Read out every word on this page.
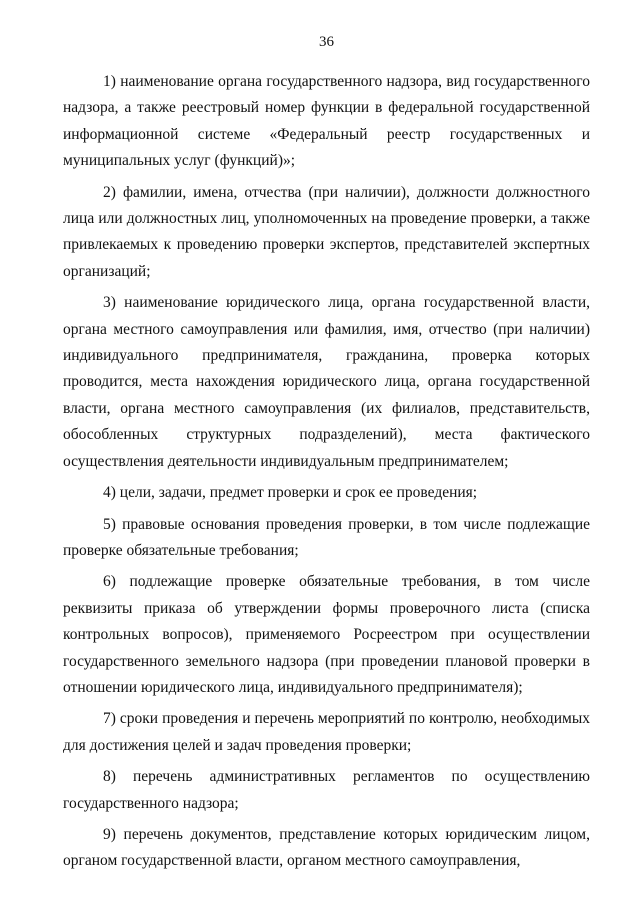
36

1) наименование органа государственного надзора, вид государственного надзора, а также реестровый номер функции в федеральной государственной информационной системе «Федеральный реестр государственных и муниципальных услуг (функций)»;

2) фамилии, имена, отчества (при наличии), должности должностного лица или должностных лиц, уполномоченных на проведение проверки, а также привлекаемых к проведению проверки экспертов, представителей экспертных организаций;

3) наименование юридического лица, органа государственной власти, органа местного самоуправления или фамилия, имя, отчество (при наличии) индивидуального предпринимателя, гражданина, проверка которых проводится, места нахождения юридического лица, органа государственной власти, органа местного самоуправления (их филиалов, представительств, обособленных структурных подразделений), места фактического осуществления деятельности индивидуальным предпринимателем;

4) цели, задачи, предмет проверки и срок ее проведения;

5) правовые основания проведения проверки, в том числе подлежащие проверке обязательные требования;

6) подлежащие проверке обязательные требования, в том числе реквизиты приказа об утверждении формы проверочного листа (списка контрольных вопросов), применяемого Росреестром при осуществлении государственного земельного надзора (при проведении плановой проверки в отношении юридического лица, индивидуального предпринимателя);

7) сроки проведения и перечень мероприятий по контролю, необходимых для достижения целей и задач проведения проверки;

8) перечень административных регламентов по осуществлению государственного надзора;

9) перечень документов, представление которых юридическим лицом, органом государственной власти, органом местного самоуправления,
